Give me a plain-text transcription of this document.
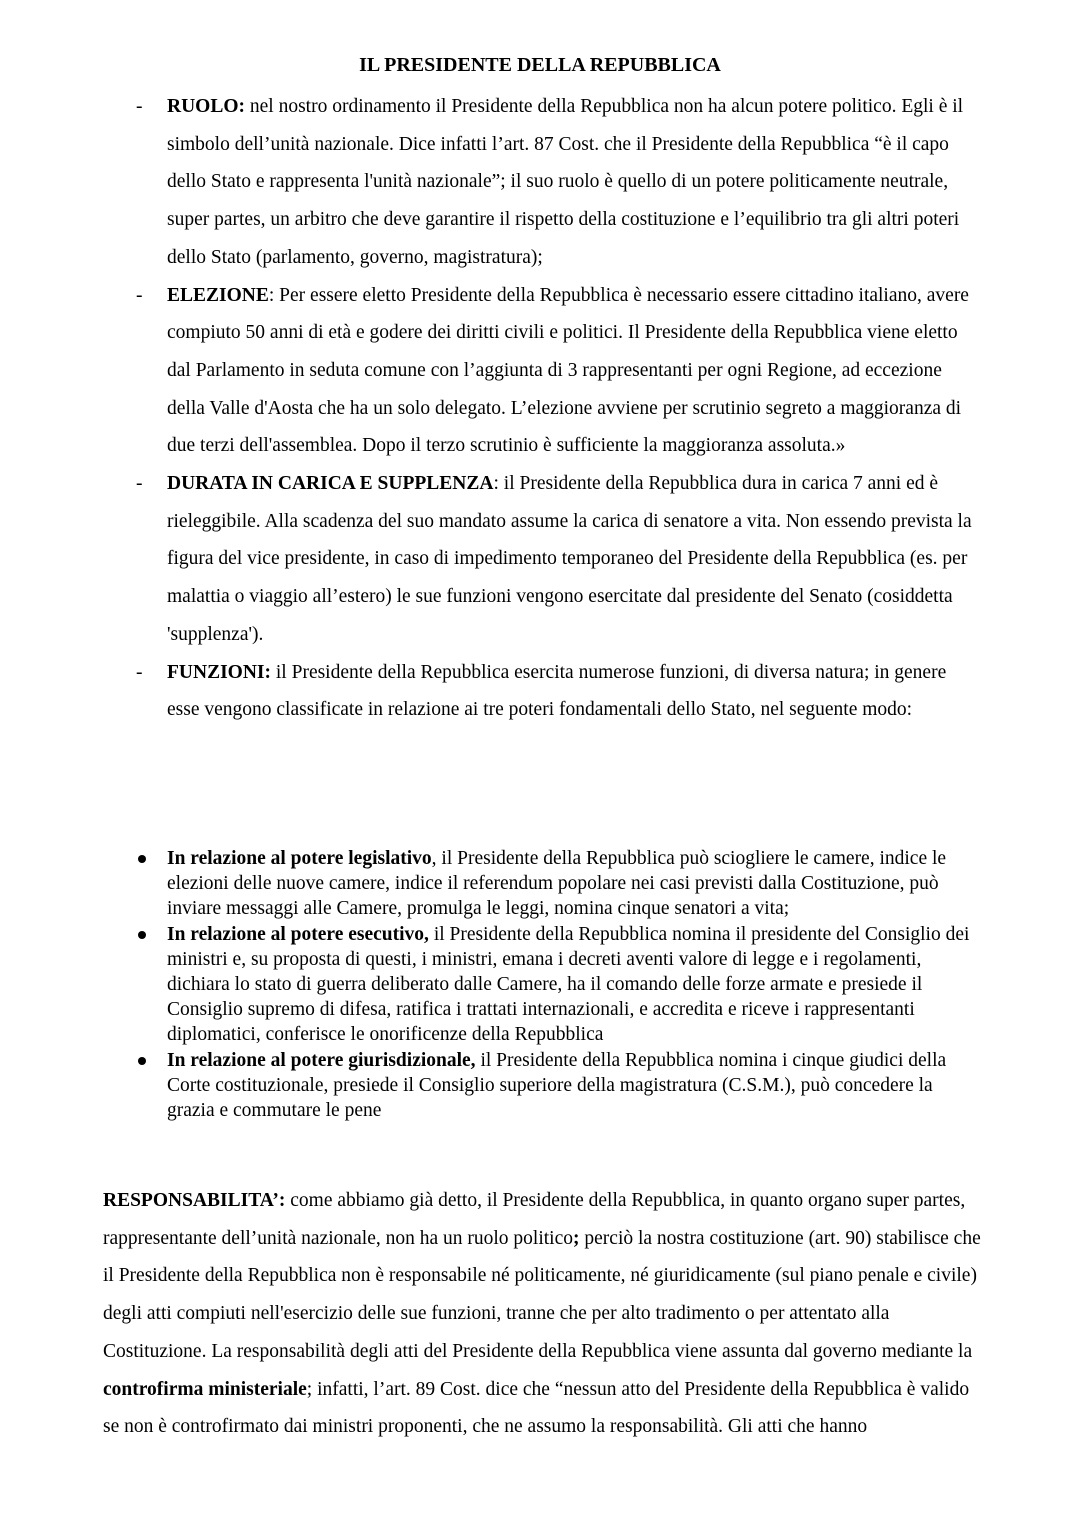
IL PRESIDENTE DELLA REPUBBLICA
- RUOLO: nel nostro ordinamento il Presidente della Repubblica non ha alcun potere politico. Egli è il simbolo dell’unità nazionale. Dice infatti l’art. 87 Cost. che il Presidente della Repubblica “è il capo dello Stato e rappresenta l'unità nazionale”; il suo ruolo è quello di un potere politicamente neutrale, super partes, un arbitro che deve garantire il rispetto della costituzione e l’equilibrio tra gli altri poteri dello Stato (parlamento, governo, magistratura);
- ELEZIONE: Per essere eletto Presidente della Repubblica è necessario essere cittadino italiano, avere compiuto 50 anni di età e godere dei diritti civili e politici. Il Presidente della Repubblica viene eletto dal Parlamento in seduta comune con l’aggiunta di 3 rappresentanti per ogni Regione, ad eccezione della Valle d'Aosta che ha un solo delegato. L’elezione avviene per scrutinio segreto a maggioranza di due terzi dell'assemblea. Dopo il terzo scrutinio è sufficiente la maggioranza assoluta.»
- DURATA IN CARICA E SUPPLENZA: il Presidente della Repubblica dura in carica 7 anni ed è rieleggibile. Alla scadenza del suo mandato assume la carica di senatore a vita. Non essendo prevista la figura del vice presidente, in caso di impedimento temporaneo del Presidente della Repubblica (es. per malattia o viaggio all’estero) le sue funzioni vengono esercitate dal presidente del Senato (cosiddetta 'supplenza').
- FUNZIONI: il Presidente della Repubblica esercita numerose funzioni, di diversa natura; in genere esse vengono classificate in relazione ai tre poteri fondamentali dello Stato, nel seguente modo:
In relazione al potere legislativo, il Presidente della Repubblica può sciogliere le camere, indice le elezioni delle nuove camere, indice il referendum popolare nei casi previsti dalla Costituzione, può inviare messaggi alle Camere, promulga le leggi, nomina cinque senatori a vita;
In relazione al potere esecutivo, il Presidente della Repubblica nomina il presidente del Consiglio dei ministri e, su proposta di questi, i ministri, emana i decreti aventi valore di legge e i regolamenti, dichiara lo stato di guerra deliberato dalle Camere, ha il comando delle forze armate e presiede il Consiglio supremo di difesa, ratifica i trattati internazionali, e accredita e riceve i rappresentanti diplomatici, conferisce le onorificenze della Repubblica
In relazione al potere giurisdizionale, il Presidente della Repubblica nomina i cinque giudici della Corte costituzionale, presiede il Consiglio superiore della magistratura (C.S.M.), può concedere la grazia e commutare le pene
RESPONSABILITA’: come abbiamo già detto, il Presidente della Repubblica, in quanto organo super partes, rappresentante dell’unità nazionale, non ha un ruolo politico; perciò la nostra costituzione (art. 90) stabilisce che il Presidente della Repubblica non è responsabile né politicamente, né giuridicamente (sul piano penale e civile) degli atti compiuti nell'esercizio delle sue funzioni, tranne che per alto tradimento o per attentato alla Costituzione. La responsabilità degli atti del Presidente della Repubblica viene assunta dal governo mediante la controfirma ministeriale; infatti, l’art. 89 Cost. dice che “nessun atto del Presidente della Repubblica è valido se non è controfirmato dai ministri proponenti, che ne assumo la responsabilità. Gli atti che hanno
